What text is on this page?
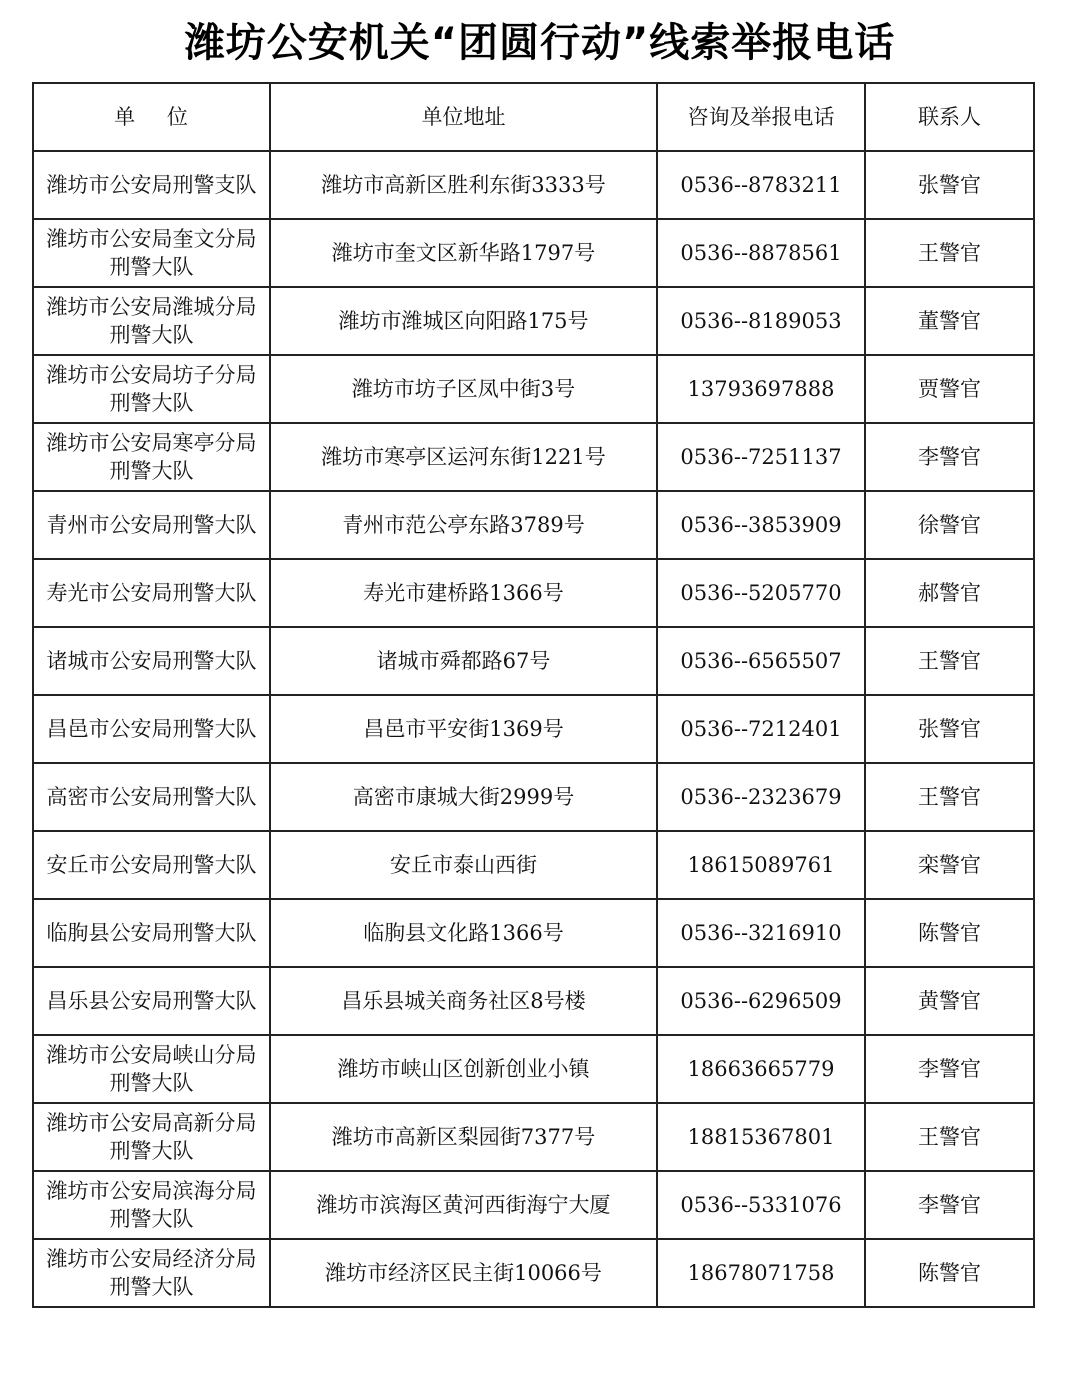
潍坊公安机关“团圆行动”线索举报电话
单    位	单位地址	咨询及举报电话	联系人

潍坊市公安局刑警支队	潍坊市高新区胜利东街3333号	0536--8783211	张警官

潍坊市公安局奎文分局
刑警大队	潍坊市奎文区新华路1797号	0536--8878561	王警官

潍坊市公安局潍城分局
刑警大队	潍坊市潍城区向阳路175号	0536--8189053	董警官

潍坊市公安局坊子分局
刑警大队	潍坊市坊子区凤中街3号	13793697888	贾警官

潍坊市公安局寒亭分局
刑警大队	潍坊市寒亭区运河东街1221号	0536--7251137	李警官

青州市公安局刑警大队	青州市范公亭东路3789号	0536--3853909	徐警官

寿光市公安局刑警大队	寿光市建桥路1366号	0536--5205770	郝警官

诸城市公安局刑警大队	诸城市舜都路67号	0536--6565507	王警官

昌邑市公安局刑警大队	昌邑市平安街1369号	0536--7212401	张警官

高密市公安局刑警大队	高密市康城大街2999号	0536--2323679	王警官

安丘市公安局刑警大队	安丘市泰山西街	18615089761	栾警官

临朐县公安局刑警大队	临朐县文化路1366号	0536--3216910	陈警官

昌乐县公安局刑警大队	昌乐县城关商务社区8号楼	0536--6296509	黄警官

潍坊市公安局峡山分局
刑警大队	潍坊市峡山区创新创业小镇	18663665779	李警官

潍坊市公安局高新分局
刑警大队	潍坊市高新区梨园街7377号	18815367801	王警官

潍坊市公安局滨海分局
刑警大队	潍坊市滨海区黄河西街海宁大厦	0536--5331076	李警官

潍坊市公安局经济分局
刑警大队	潍坊市经济区民主街10066号	18678071758	陈警官
